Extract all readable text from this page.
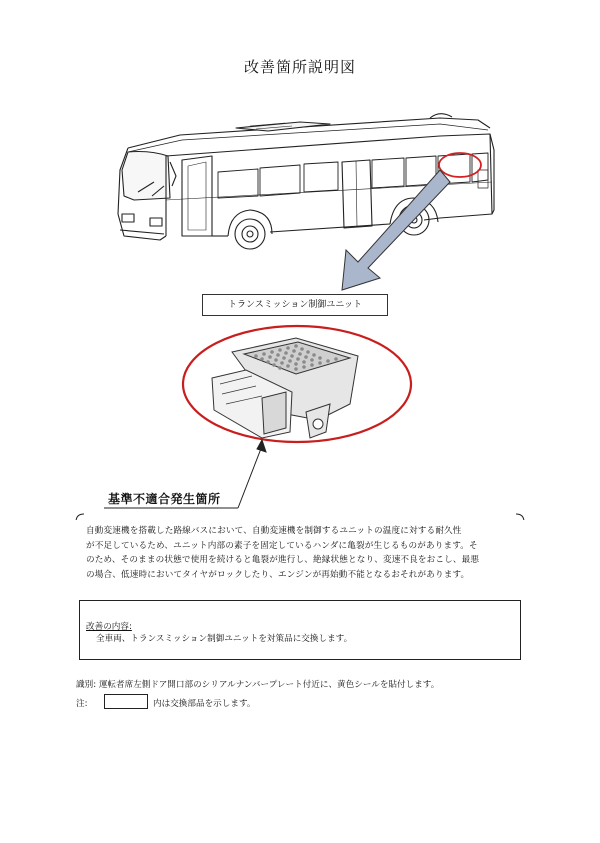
改善箇所説明図
トランスミッション制御ユニット
基準不適合発生箇所
自動変速機を搭載した路線バスにおいて、自動変速機を制御するユニットの温度に対する耐久性
が不足しているため、ユニット内部の素子を固定しているハンダに亀裂が生じるものがあります。そ
のため、そのままの状態で使用を続けると亀裂が進行し、絶縁状態となり、変速不良をおこし、最悪
の場合、低速時においてタイヤがロックしたり、エンジンが再始動不能となるおそれがあります。
改善の内容:
全車両、トランスミッション制御ユニットを対策品に交換します。
識別: 運転者席左側ドア開口部のシリアルナンバープレート付近に、黄色シールを貼付します。
注:	内は交換部品を示します。
